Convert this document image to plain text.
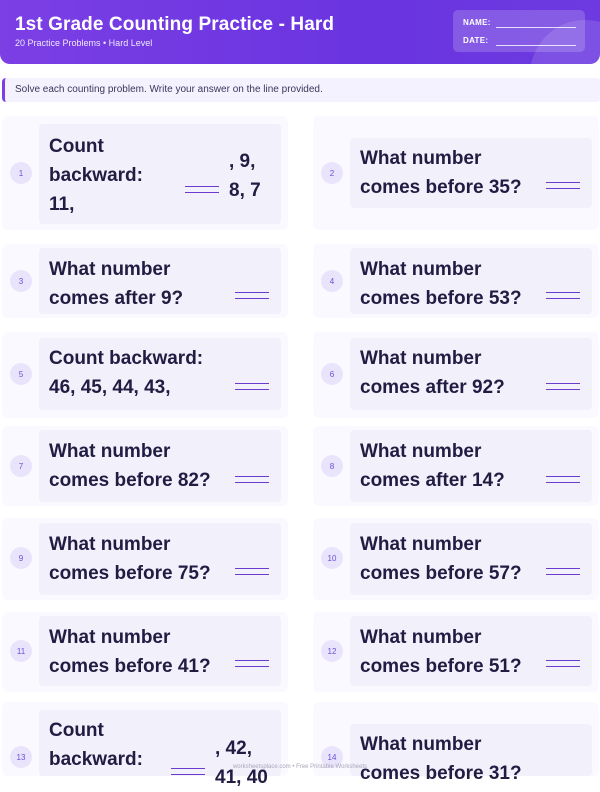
1st Grade Counting Practice - Hard
20 Practice Problems • Hard Level
NAME:
DATE:
Solve each counting problem. Write your answer on the line provided.
1
Count
backward:
11,
, 9,
8, 7
2
What number
comes before 35?
3
What number
comes after 9?
4
What number
comes before 53?
5
Count backward:
46, 45, 44, 43,
6
What number
comes after 92?
7
What number
comes before 82?
8
What number
comes after 14?
9
What number
comes before 75?
10
What number
comes before 57?
11
What number
comes before 41?
12
What number
comes before 51?
13
Count
backward:
, 42,
41, 40
14
What number
comes before 31?
worksheetsplace.com • Free Printable Worksheets
